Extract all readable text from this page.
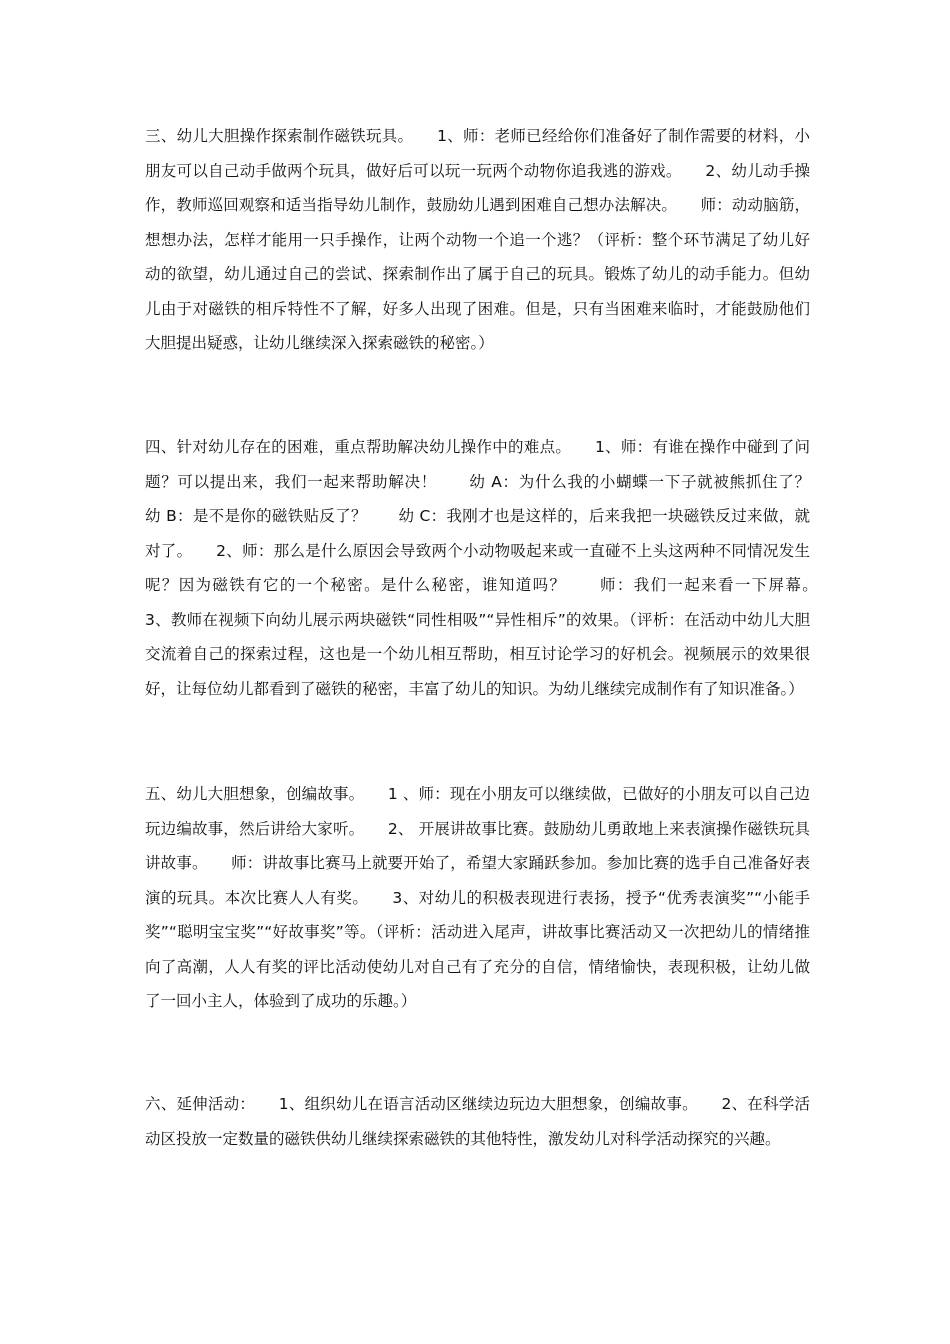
三、幼儿大胆操作探索制作磁铁玩具。　　1、师：老师已经给你们准备好了制作需要的材料，小朋友可以自己动手做两个玩具，做好后可以玩一玩两个动物你追我逃的游戏。　　2、幼儿动手操作，教师巡回观察和适当指导幼儿制作，鼓励幼儿遇到困难自己想办法解决。　　师：动动脑筋，想想办法，怎样才能用一只手操作，让两个动物一个追一个逃？（评析：整个环节满足了幼儿好动的欲望，幼儿通过自己的尝试、探索制作出了属于自己的玩具。锻炼了幼儿的动手能力。但幼儿由于对磁铁的相斥特性不了解，好多人出现了困难。但是，只有当困难来临时，才能鼓励他们大胆提出疑惑，让幼儿继续深入探索磁铁的秘密。）

四、针对幼儿存在的困难，重点帮助解决幼儿操作中的难点。　　1、师：有谁在操作中碰到了问题？可以提出来，我们一起来帮助解决！　　幼 A：为什么我的小蝴蝶一下子就被熊抓住了？　　幼 B：是不是你的磁铁贴反了？　　幼 C：我刚才也是这样的，后来我把一块磁铁反过来做，就对了。　　2、师：那么是什么原因会导致两个小动物吸起来或一直碰不上头这两种不同情况发生呢？因为磁铁有它的一个秘密。是什么秘密，谁知道吗？　　师：我们一起来看一下屏幕。　　3、教师在视频下向幼儿展示两块磁铁“同性相吸”“异性相斥”的效果。（评析：在活动中幼儿大胆交流着自己的探索过程，这也是一个幼儿相互帮助，相互讨论学习的好机会。视频展示的效果很好，让每位幼儿都看到了磁铁的秘密，丰富了幼儿的知识。为幼儿继续完成制作有了知识准备。）

五、幼儿大胆想象，创编故事。　　1 、师：现在小朋友可以继续做，已做好的小朋友可以自己边玩边编故事，然后讲给大家听。　　2、 开展讲故事比赛。鼓励幼儿勇敢地上来表演操作磁铁玩具讲故事。　　师：讲故事比赛马上就要开始了，希望大家踊跃参加。参加比赛的选手自己准备好表演的玩具。本次比赛人人有奖。　　3、对幼儿的积极表现进行表扬，授予“优秀表演奖”“小能手奖”“聪明宝宝奖”“好故事奖”等。（评析：活动进入尾声，讲故事比赛活动又一次把幼儿的情绪推向了高潮，人人有奖的评比活动使幼儿对自己有了充分的自信，情绪愉快，表现积极，让幼儿做了一回小主人，体验到了成功的乐趣。）

六、延伸活动：　　1、组织幼儿在语言活动区继续边玩边大胆想象，创编故事。　　2、在科学活动区投放一定数量的磁铁供幼儿继续探索磁铁的其他特性，激发幼儿对科学活动探究的兴趣。
